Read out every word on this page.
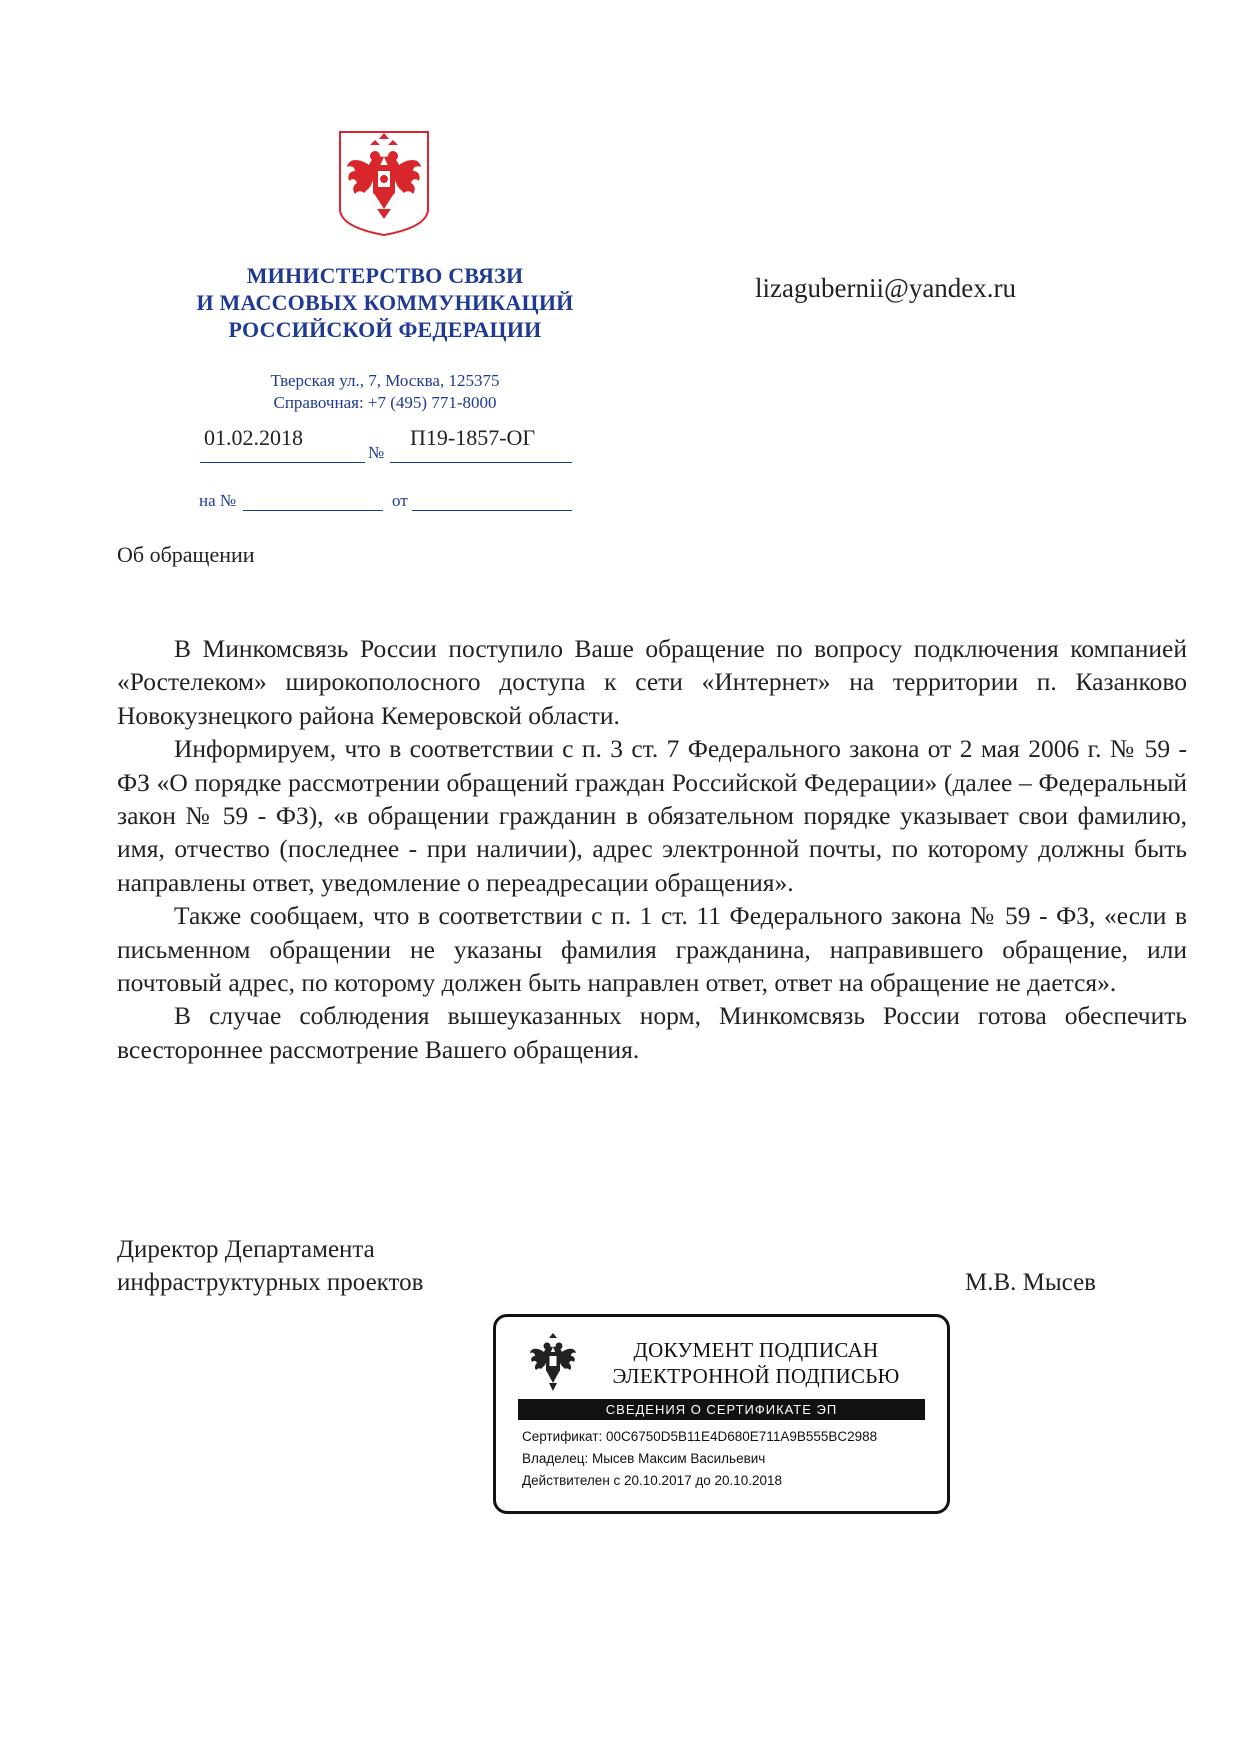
МИНИСТЕРСТВО СВЯЗИ
И МАССОВЫХ КОММУНИКАЦИЙ
РОССИЙСКОЙ ФЕДЕРАЦИИ
Тверская ул., 7, Москва, 125375
Справочная: +7 (495) 771-8000
01.02.2018
№
П19-1857-ОГ
на №	от
lizagubernii@yandex.ru
Об обращении

В Минкомсвязь России поступило Ваше обращение по вопросу подключения компанией «Ростелеком» широкополосного доступа к сети «Интернет» на территории п. Казанково Новокузнецкого района Кемеровской области.

Информируем, что в соответствии с п. 3 ст. 7 Федерального закона от 2 мая 2006 г. № 59 - ФЗ «О порядке рассмотрении обращений граждан Российской Федерации» (далее – Федеральный закон № 59 - ФЗ), «в обращении гражданин в обязательном порядке указывает свои фамилию, имя, отчество (последнее - при наличии), адрес электронной почты, по которому должны быть направлены ответ, уведомление о переадресации обращения».

Также сообщаем, что в соответствии с п. 1 ст. 11 Федерального закона № 59 - ФЗ, «если в письменном обращении не указаны фамилия гражданина, направившего обращение, или почтовый адрес, по которому должен быть направлен ответ, ответ на обращение не дается».

В случае соблюдения вышеуказанных норм, Минкомсвязь России готова обеспечить всестороннее рассмотрение Вашего обращения.

Директор Департамента
инфраструктурных проектов	М.В. Мысев
ДОКУМЕНТ ПОДПИСАН
ЭЛЕКТРОННОЙ ПОДПИСЬЮ
СВЕДЕНИЯ О СЕРТИФИКАТЕ ЭП
Сертификат: 00C6750D5B11E4D680E711A9B555BC2988
Владелец: Мысев Максим Васильевич
Действителен с 20.10.2017 до 20.10.2018
